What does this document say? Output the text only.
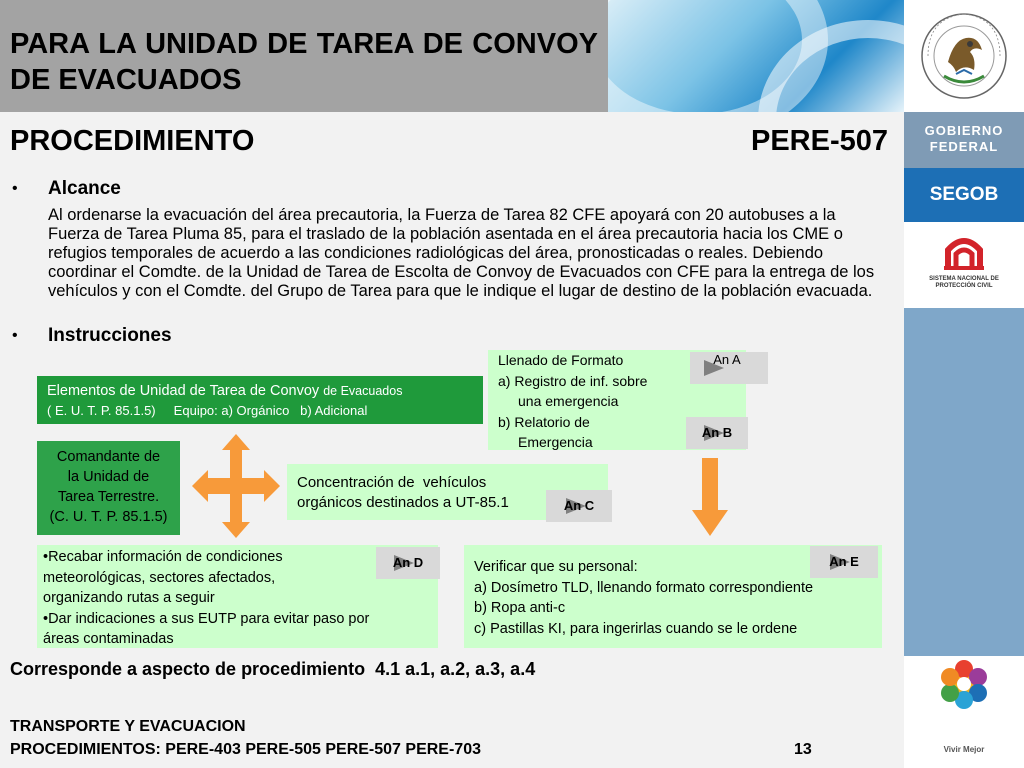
PARA LA UNIDAD DE TAREA DE CONVOY DE EVACUADOS
GOBIERNO
FEDERAL
SEGOB
SISTEMA NACIONAL DE
PROTECCIÓN CIVIL
Vivir Mejor
PROCEDIMIENTO	PERE-507
• Alcance
Al ordenarse la evacuación del área precautoria, la Fuerza de Tarea 82 CFE apoyará con 20 autobuses a la Fuerza de Tarea Pluma 85, para el traslado de la población asentada en el área precautoria hacia los CME o refugios temporales de acuerdo a las condiciones radiológicas del área, pronosticadas o reales. Debiendo coordinar el Comdte. de la Unidad de Tarea de Escolta de Convoy de Evacuados con CFE para la entrega de los vehículos y con el Comdte. del Grupo de Tarea para que le indique el lugar de destino de la población evacuada.
• Instrucciones
Llenado de Formato
a) Registro de inf. sobre
una emergencia
b) Relatorio de
Emergencia
An A
An B
Elementos de Unidad de Tarea de Convoy de Evacuados
( E. U. T. P. 85.1.5)     Equipo: a) Orgánico   b) Adicional
Comandante de
la Unidad de
Tarea Terrestre.
(C. U. T. P. 85.1.5)
Concentración de  vehículos
orgánicos destinados a UT-85.1	An C
•Recabar información de condiciones
meteorológicas, sectores afectados,
organizando rutas a seguir
•Dar indicaciones a sus EUTP para evitar paso por
áreas contaminadas
An D	Verificar que su personal:
a) Dosímetro TLD, llenando formato correspondiente
b) Ropa anti-c
c) Pastillas KI, para ingerirlas cuando se le ordene
An E
Corresponde a aspecto de procedimiento  4.1 a.1, a.2, a.3, a.4
TRANSPORTE Y EVACUACION
PROCEDIMIENTOS: PERE-403 PERE-505 PERE-507 PERE-703	13
